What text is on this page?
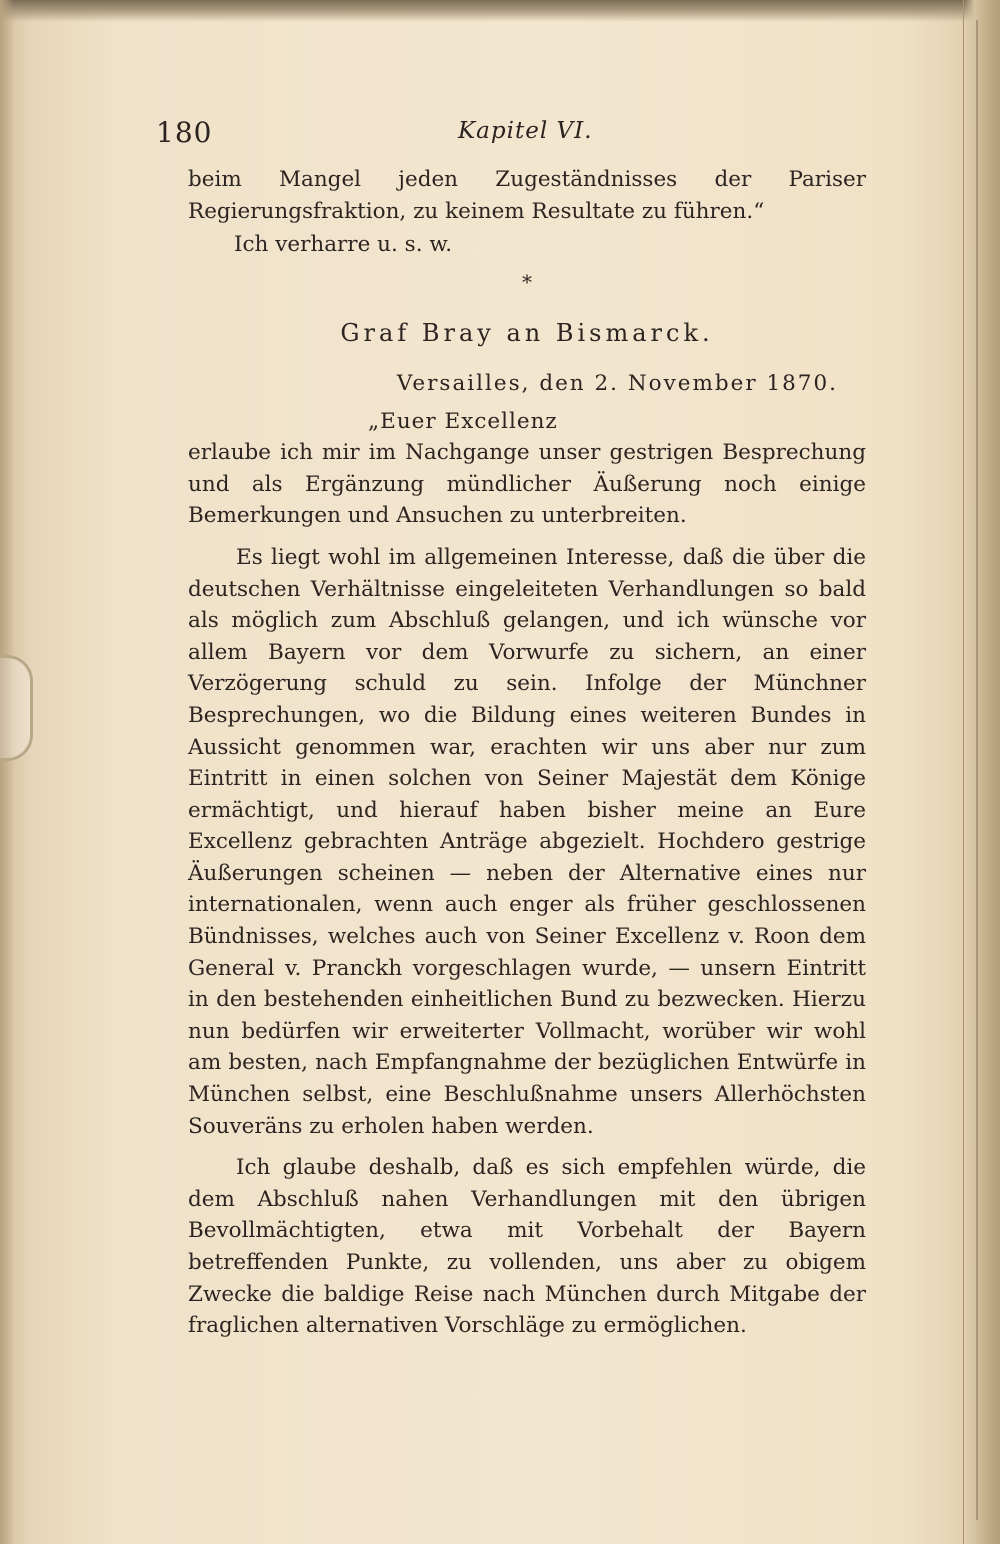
180	Kapitel VI.

beim Mangel jeden Zugeständnisses der Pariser Regierungsfraktion, zu keinem Resultate zu führen.“

Ich verharre u. s. w.

*

Graf Bray an Bismarck.

Versailles, den 2. November 1870.

„Euer Excellenz

erlaube ich mir im Nachgange unser gestrigen Besprechung und als Ergänzung mündlicher Äußerung noch einige Bemerkungen und Ansuchen zu unterbreiten.

Es liegt wohl im allgemeinen Interesse, daß die über die deutschen Verhältnisse eingeleiteten Verhandlungen so bald als möglich zum Abschluß gelangen, und ich wünsche vor allem Bayern vor dem Vorwurfe zu sichern, an einer Verzögerung schuld zu sein. Infolge der Münchner Besprechungen, wo die Bildung eines weiteren Bundes in Aussicht genommen war, erachten wir uns aber nur zum Eintritt in einen solchen von Seiner Majestät dem Könige ermächtigt, und hierauf haben bisher meine an Eure Excellenz gebrachten Anträge abgezielt. Hochdero gestrige Äußerungen scheinen — neben der Alternative eines nur internationalen, wenn auch enger als früher geschlossenen Bündnisses, welches auch von Seiner Excellenz v. Roon dem General v. Pranckh vorgeschlagen wurde, — unsern Eintritt in den bestehenden einheitlichen Bund zu bezwecken. Hierzu nun bedürfen wir erweiterter Vollmacht, worüber wir wohl am besten, nach Empfangnahme der bezüglichen Entwürfe in München selbst, eine Beschlußnahme unsers Allerhöchsten Souveräns zu erholen haben werden.

Ich glaube deshalb, daß es sich empfehlen würde, die dem Abschluß nahen Verhandlungen mit den übrigen Bevollmächtigten, etwa mit Vorbehalt der Bayern betreffenden Punkte, zu vollenden, uns aber zu obigem Zwecke die baldige Reise nach München durch Mitgabe der fraglichen alternativen Vorschläge zu ermöglichen.
